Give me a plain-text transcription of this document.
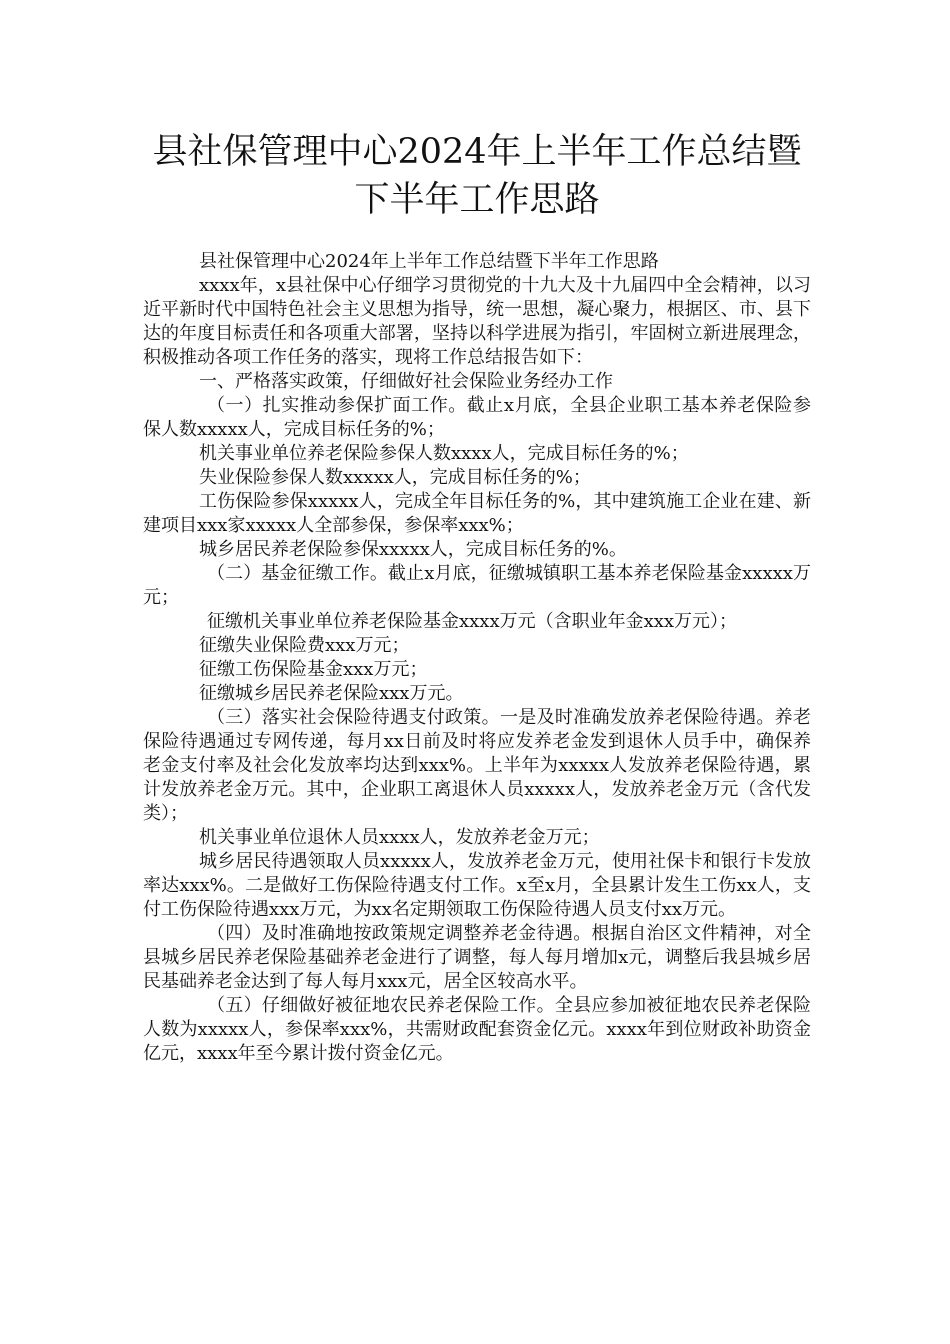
县社保管理中心2024年上半年工作总结暨
下半年工作思路

县社保管理中心2024年上半年工作总结暨下半年工作思路

xxxx年，x县社保中心仔细学习贯彻党的十九大及十九届四中全会精神，以习近平新时代中国特色社会主义思想为指导，统一思想，凝心聚力，根据区、市、县下达的年度目标责任和各项重大部署，坚持以科学进展为指引，牢固树立新进展理念，积极推动各项工作任务的落实，现将工作总结报告如下：

一、严格落实政策，仔细做好社会保险业务经办工作

（一）扎实推动参保扩面工作。截止x月底，全县企业职工基本养老保险参保人数xxxxx人，完成目标任务的%；

机关事业单位养老保险参保人数xxxx人，完成目标任务的%；

失业保险参保人数xxxxx人，完成目标任务的%；

工伤保险参保xxxxx人，完成全年目标任务的%，其中建筑施工企业在建、新建项目xxx家xxxxx人全部参保，参保率xxx%；

城乡居民养老保险参保xxxxx人，完成目标任务的%。

（二）基金征缴工作。截止x月底，征缴城镇职工基本养老保险基金xxxxx万元；

征缴机关事业单位养老保险基金xxxx万元（含职业年金xxx万元）；

征缴失业保险费xxx万元；

征缴工伤保险基金xxx万元；

征缴城乡居民养老保险xxx万元。

（三）落实社会保险待遇支付政策。一是及时准确发放养老保险待遇。养老保险待遇通过专网传递，每月xx日前及时将应发养老金发到退休人员手中，确保养老金支付率及社会化发放率均达到xxx%。上半年为xxxxx人发放养老保险待遇，累计发放养老金万元。其中，企业职工离退休人员xxxxx人，发放养老金万元（含代发类）；

机关事业单位退休人员xxxx人，发放养老金万元；

城乡居民待遇领取人员xxxxx人，发放养老金万元，使用社保卡和银行卡发放率达xxx%。二是做好工伤保险待遇支付工作。x至x月，全县累计发生工伤xx人，支付工伤保险待遇xxx万元，为xx名定期领取工伤保险待遇人员支付xx万元。

（四）及时准确地按政策规定调整养老金待遇。根据自治区文件精神，对全县城乡居民养老保险基础养老金进行了调整，每人每月增加x元，调整后我县城乡居民基础养老金达到了每人每月xxx元，居全区较高水平。

（五）仔细做好被征地农民养老保险工作。全县应参加被征地农民养老保险人数为xxxxx人，参保率xxx%，共需财政配套资金亿元。xxxx年到位财政补助资金亿元，xxxx年至今累计拨付资金亿元。
